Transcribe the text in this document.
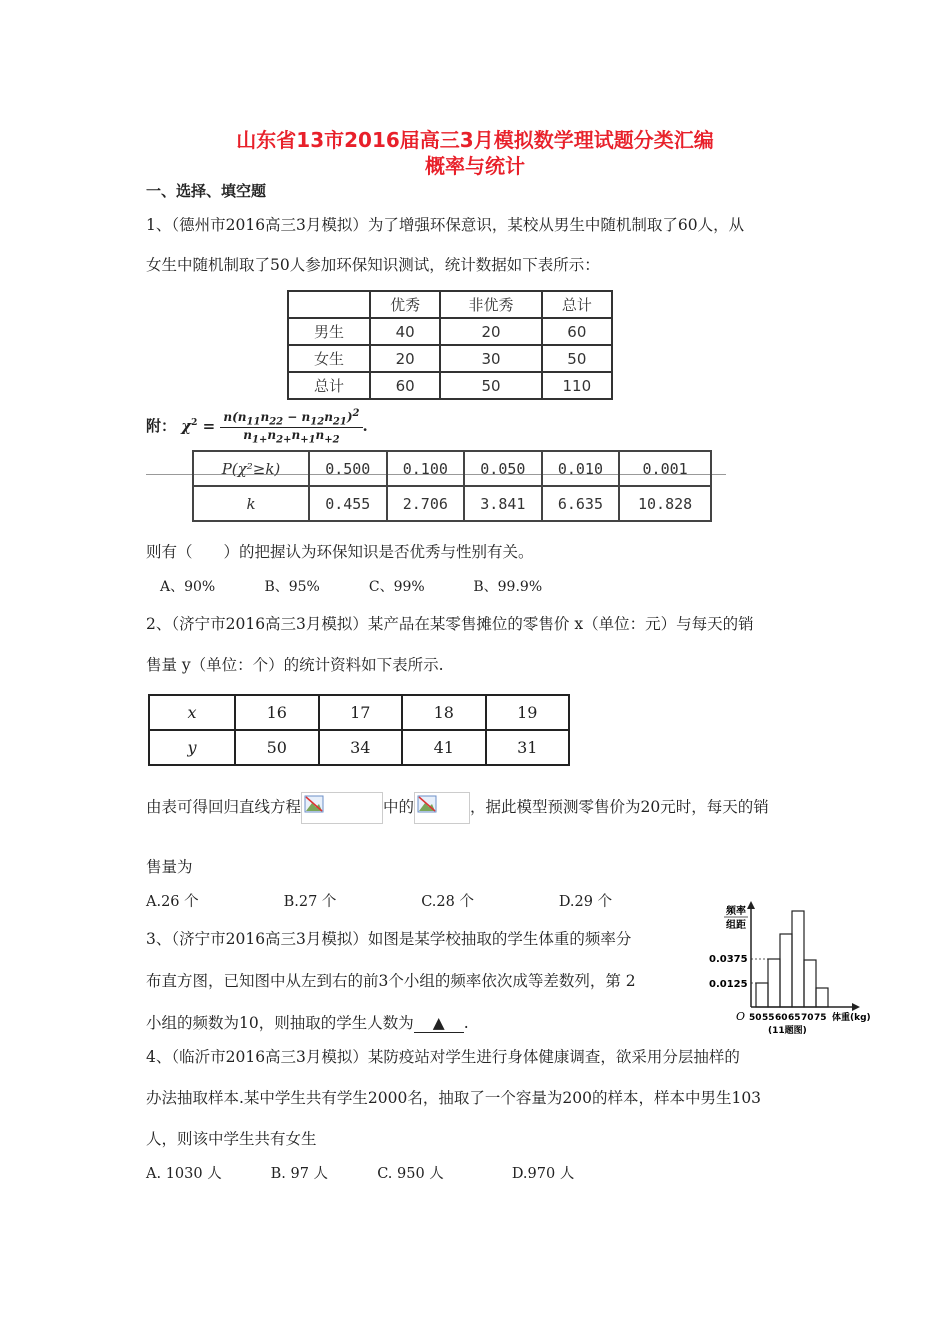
山东省13市2016届高三3月模拟数学理试题分类汇编
概率与统计
一、选择、填空题
1、（德州市2016高三3月模拟）为了增强环保意识，某校从男生中随机制取了60人，从
女生中随机制取了50人参加环保知识测试，统计数据如下表所示：
	优秀	非优秀	总计
男生	40	20	60
女生	20	30	50
总计	60	50	110
附： $\chi^2 = \frac{n(n_{11}n_{22} - n_{12}n_{21})^2}{n_{1+}n_{2+}n_{+1}n_{+2}}$ .
P(χ²≥k)	0.500	0.100	0.050	0.010	0.001
k	0.455	2.706	3.841	6.635	10.828
则有（　　）的把握认为环保知识是否优秀与性别有关。
A、90%	B、95%	C、99%	B、99.9%
2、（济宁市2016高三3月模拟）某产品在某零售摊位的零售价 x（单位：元）与每天的销
售量 y（单位：个）的统计资料如下表所示.
x	16	17	18	19
y	50	34	41	31
由表可得回归直线方程	中的	，据此模型预测零售价为20元时，每天的销
售量为
A.26 个	B.27 个	C.28 个	D.29 个
3、（济宁市2016高三3月模拟）如图是某学校抽取的学生体重的频率分
布直方图，已知图中从左到右的前3个小组的频率依次成等差数列，第 2
小组的频数为10，则抽取的学生人数为 ▲ .
频率
组距
0.0375
0.0125
O 50 55 60 65 70 75 体重(kg)
(11题图)
4、（临沂市2016高三3月模拟）某防疫站对学生进行身体健康调查，欲采用分层抽样的
办法抽取样本.某中学生共有学生2000名，抽取了一个容量为200的样本，样本中男生103
人，则该中学生共有女生
A. 1030 人	B. 97 人	C. 950 人	D.970 人
